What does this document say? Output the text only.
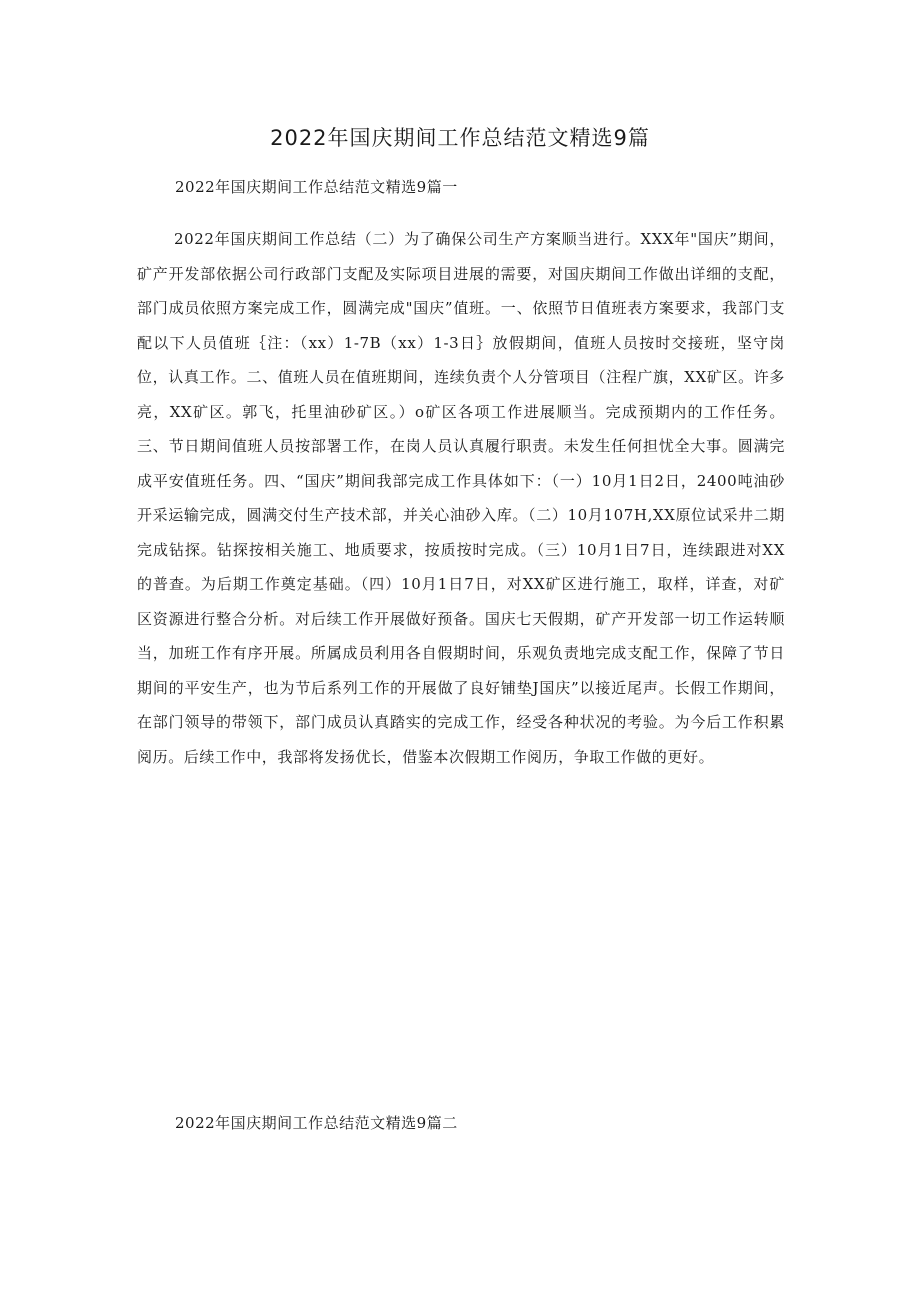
2022年国庆期间工作总结范文精选9篇
2022年国庆期间工作总结范文精选9篇一

2022年国庆期间工作总结（二）为了确保公司生产方案顺当进行。XXX年"国庆”期间，矿产开发部依据公司行政部门支配及实际项目进展的需要，对国庆期间工作做出详细的支配，部门成员依照方案完成工作，圆满完成"国庆”值班。一、依照节日值班表方案要求，我部门支配以下人员值班｛注：（xx）1-7B（xx）1-3日｝放假期间，值班人员按时交接班，坚守岗位，认真工作。二、值班人员在值班期间，连续负责个人分管项目（注程广旗，XX矿区。许多亮，XX矿区。郭飞，托里油砂矿区。）o矿区各项工作进展顺当。完成预期内的工作任务。三、节日期间值班人员按部署工作，在岗人员认真履行职责。未发生任何担忧全大事。圆满完成平安值班任务。四、“国庆”期间我部完成工作具体如下：（一）10月1日2日，2400吨油砂开采运输完成，圆满交付生产技术部，并关心油砂入库。（二）10月107H,XX原位试采井二期完成钻探。钻探按相关施工、地质要求，按质按时完成。（三）10月1日7日，连续跟进对XX的普查。为后期工作奠定基础。（四）10月1日7日，对XX矿区进行施工，取样，详查，对矿区资源进行整合分析。对后续工作开展做好预备。国庆七天假期，矿产开发部一切工作运转顺当，加班工作有序开展。所属成员利用各自假期时间，乐观负责地完成支配工作，保障了节日期间的平安生产，也为节后系列工作的开展做了良好铺垫J国庆”以接近尾声。长假工作期间，在部门领导的带领下，部门成员认真踏实的完成工作，经受各种状况的考验。为今后工作积累阅历。后续工作中，我部将发扬优长，借鉴本次假期工作阅历，争取工作做的更好。

2022年国庆期间工作总结范文精选9篇二
